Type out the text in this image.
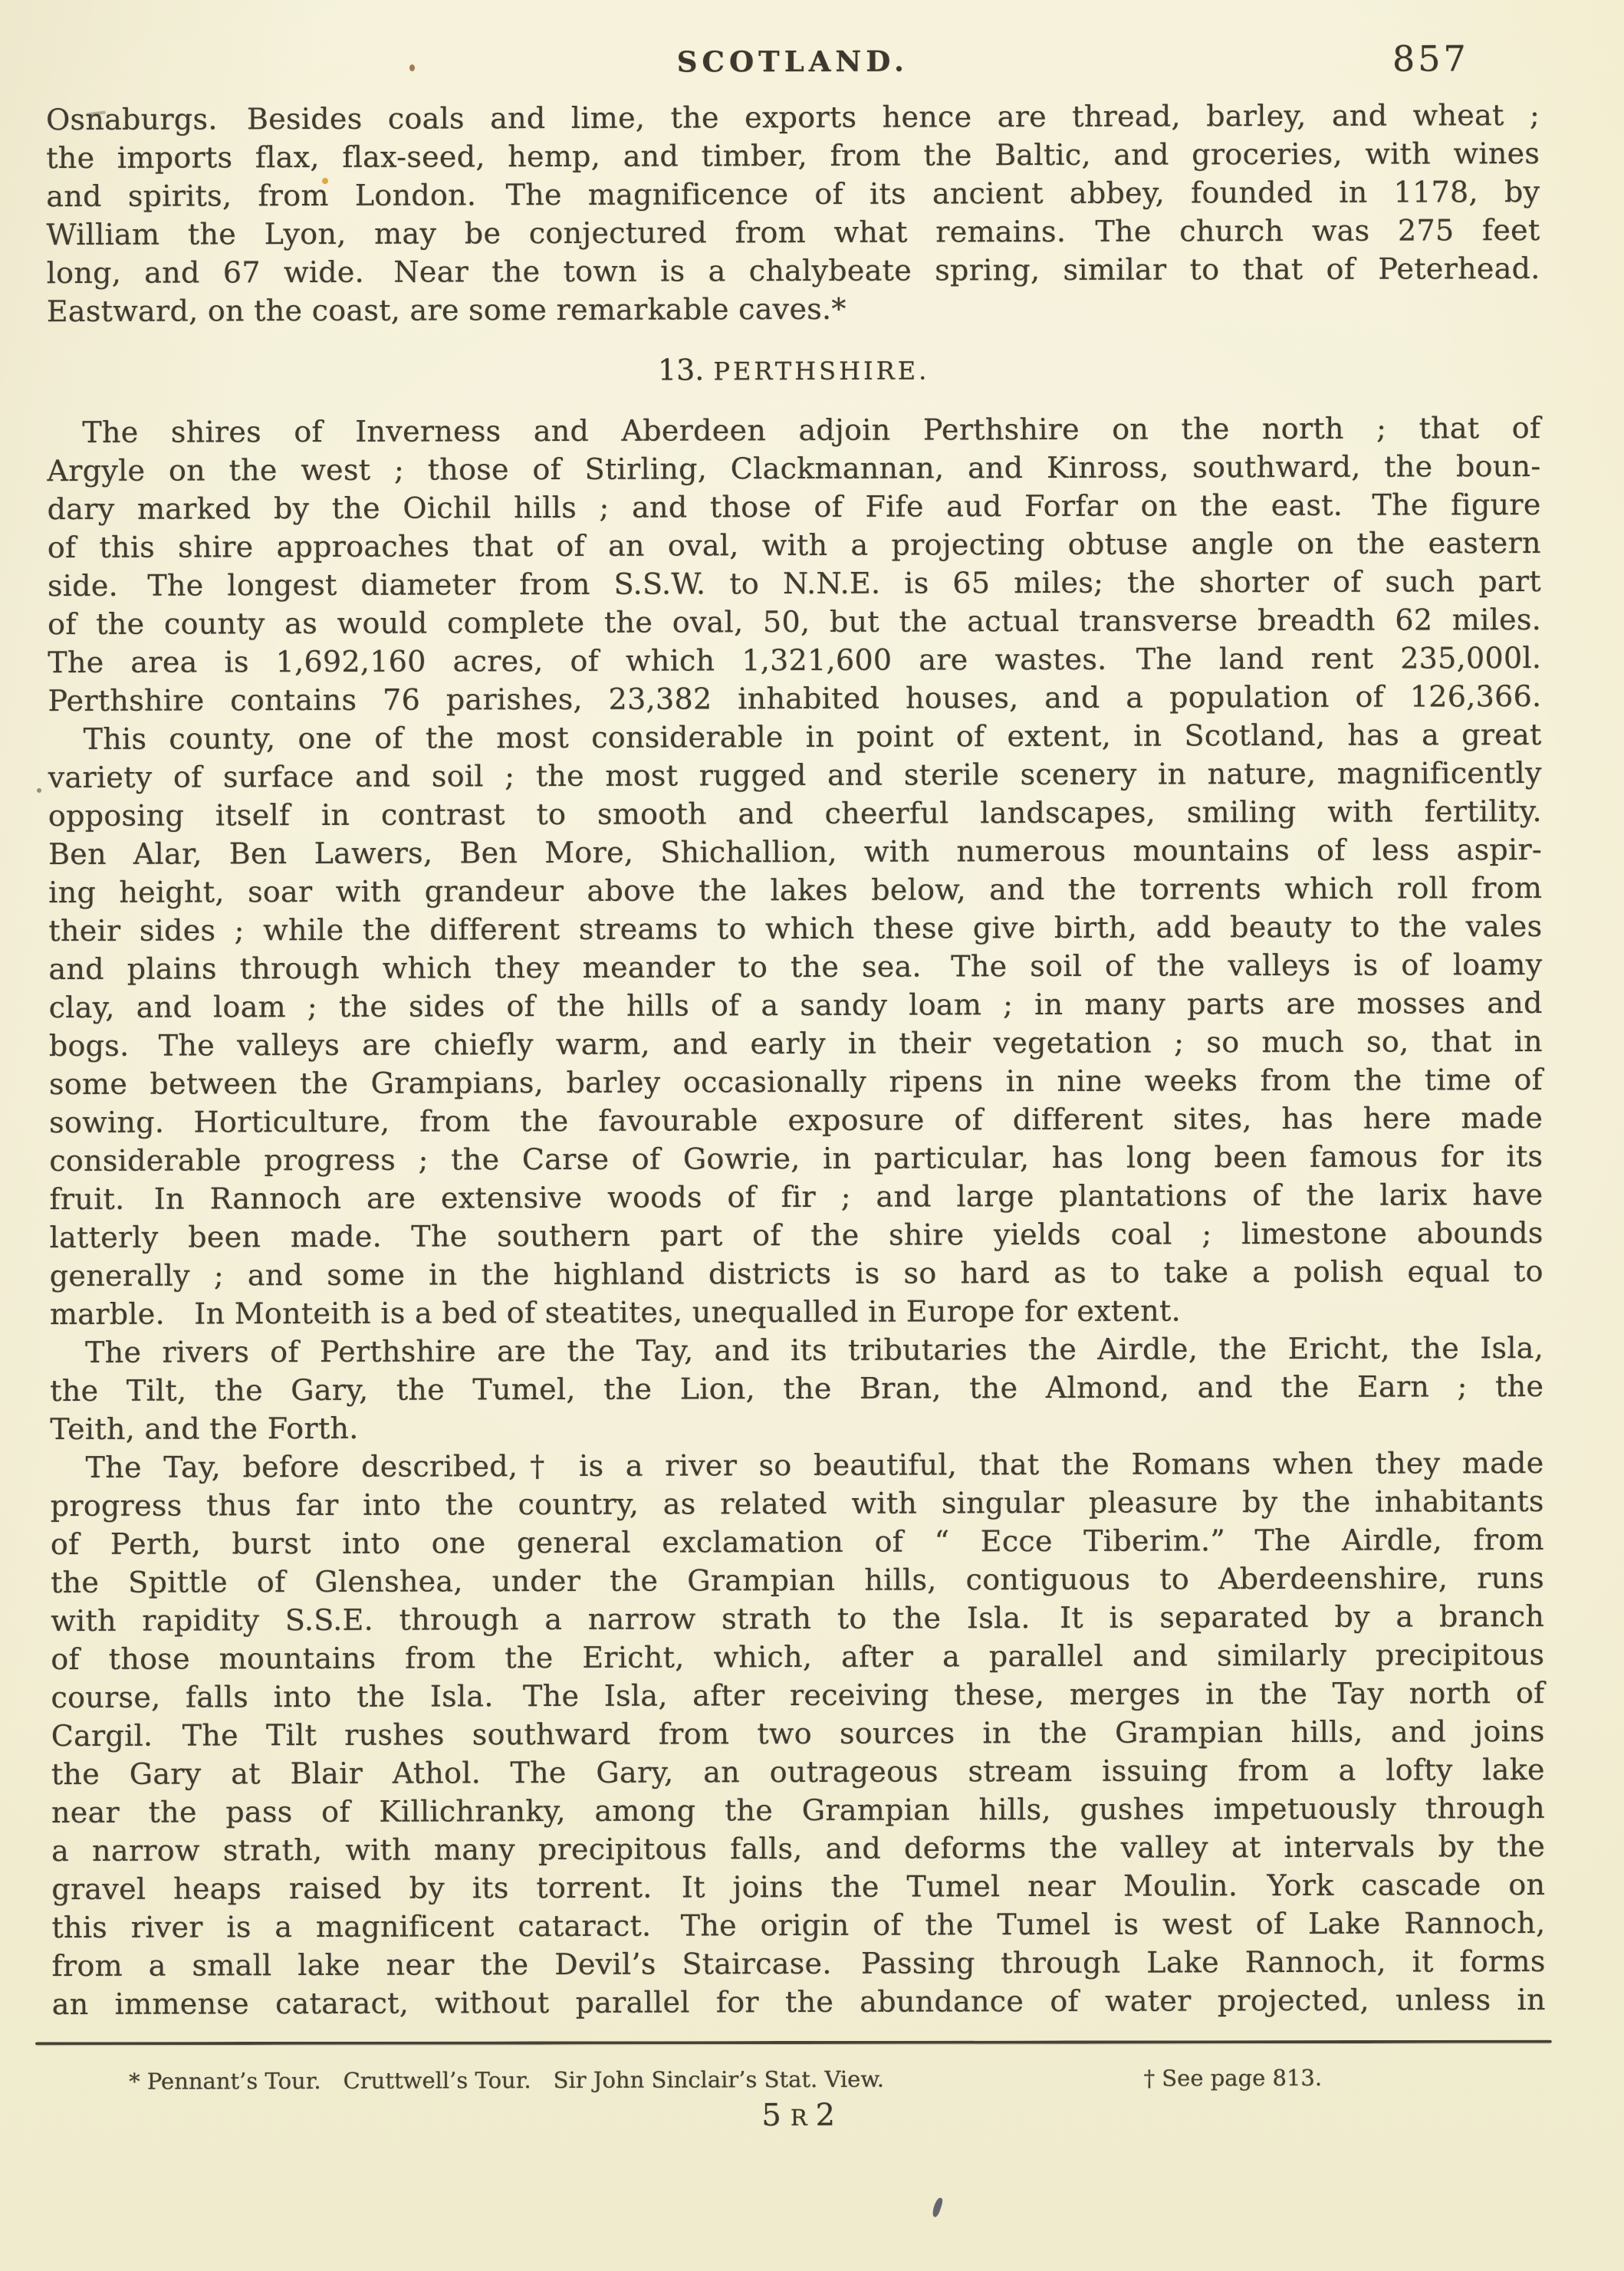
SCOTLAND.	857
Osnaburgs. Besides coals and lime, the exports hence are thread, barley, and wheat ;
the imports flax, flax-seed, hemp, and timber, from the Baltic, and groceries, with wines
and spirits, from London. The magnificence of its ancient abbey, founded in 1178, by
William the Lyon, may be conjectured from what remains. The church was 275 feet
long, and 67 wide. Near the town is a chalybeate spring, similar to that of Peterhead.
Eastward, on the coast, are some remarkable caves.*
13. PERTHSHIRE.
The shires of Inverness and Aberdeen adjoin Perthshire on the north ; that of
Argyle on the west ; those of Stirling, Clackmannan, and Kinross, southward, the boun-
dary marked by the Oichil hills ; and those of Fife aud Forfar on the east. The figure
of this shire approaches that of an oval, with a projecting obtuse angle on the eastern
side. The longest diameter from S.S.W. to N.N.E. is 65 miles; the shorter of such part
of the county as would complete the oval, 50, but the actual transverse breadth 62 miles.
The area is 1,692,160 acres, of which 1,321,600 are wastes. The land rent 235,000l.
Perthshire contains 76 parishes, 23,382 inhabited houses, and a population of 126,366.
This county, one of the most considerable in point of extent, in Scotland, has a great
variety of surface and soil ; the most rugged and sterile scenery in nature, magnificently
opposing itself in contrast to smooth and cheerful landscapes, smiling with fertility.
Ben Alar, Ben Lawers, Ben More, Shichallion, with numerous mountains of less aspir-
ing height, soar with grandeur above the lakes below, and the torrents which roll from
their sides ; while the different streams to which these give birth, add beauty to the vales
and plains through which they meander to the sea. The soil of the valleys is of loamy
clay, and loam ; the sides of the hills of a sandy loam ; in many parts are mosses and
bogs. The valleys are chiefly warm, and early in their vegetation ; so much so, that in
some between the Grampians, barley occasionally ripens in nine weeks from the time of
sowing. Horticulture, from the favourable exposure of different sites, has here made
considerable progress ; the Carse of Gowrie, in particular, has long been famous for its
fruit. In Rannoch are extensive woods of fir ; and large plantations of the larix have
latterly been made. The southern part of the shire yields coal ; limestone abounds
generally ; and some in the highland districts is so hard as to take a polish equal to
marble. In Monteith is a bed of steatites, unequalled in Europe for extent.
The rivers of Perthshire are the Tay, and its tributaries the Airdle, the Ericht, the Isla,
the Tilt, the Gary, the Tumel, the Lion, the Bran, the Almond, and the Earn ; the
Teith, and the Forth.
The Tay, before described,† is a river so beautiful, that the Romans when they made
progress thus far into the country, as related with singular pleasure by the inhabitants
of Perth, burst into one general exclamation of “ Ecce Tiberim.” The Airdle, from
the Spittle of Glenshea, under the Grampian hills, contiguous to Aberdeenshire, runs
with rapidity S.S.E. through a narrow strath to the Isla. It is separated by a branch
of those mountains from the Ericht, which, after a parallel and similarly precipitous
course, falls into the Isla. The Isla, after receiving these, merges in the Tay north of
Cargil. The Tilt rushes southward from two sources in the Grampian hills, and joins
the Gary at Blair Athol. The Gary, an outrageous stream issuing from a lofty lake
near the pass of Killichranky, among the Grampian hills, gushes impetuously through
a narrow strath, with many precipitous falls, and deforms the valley at intervals by the
gravel heaps raised by its torrent. It joins the Tumel near Moulin. York cascade on
this river is a magnificent cataract. The origin of the Tumel is west of Lake Rannoch,
from a small lake near the Devil’s Staircase. Passing through Lake Rannoch, it forms
an immense cataract, without parallel for the abundance of water projected, unless in
* Pennant’s Tour. Cruttwell’s Tour. Sir John Sinclair’s Stat. View.	† See page 813.
5 R 2
